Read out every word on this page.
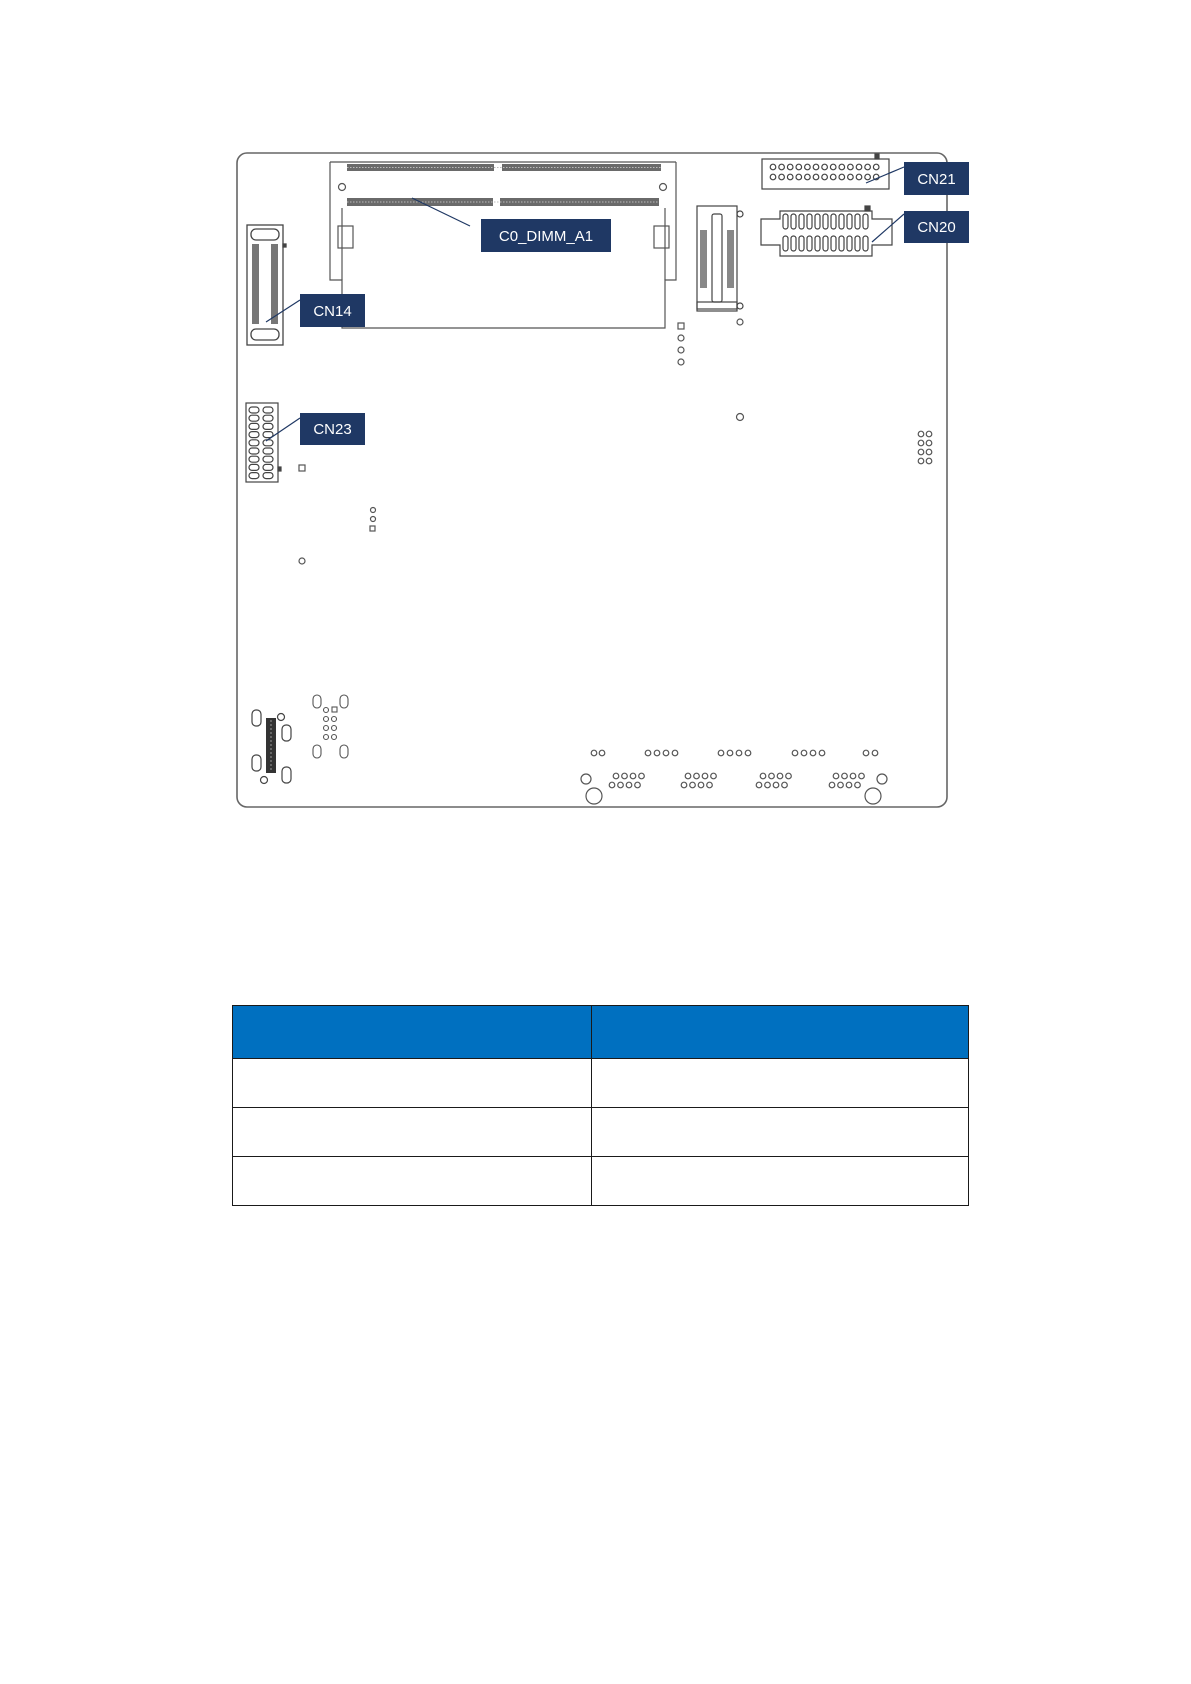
C0_DIMM_A1
CN21
CN20
CN14
CN23
